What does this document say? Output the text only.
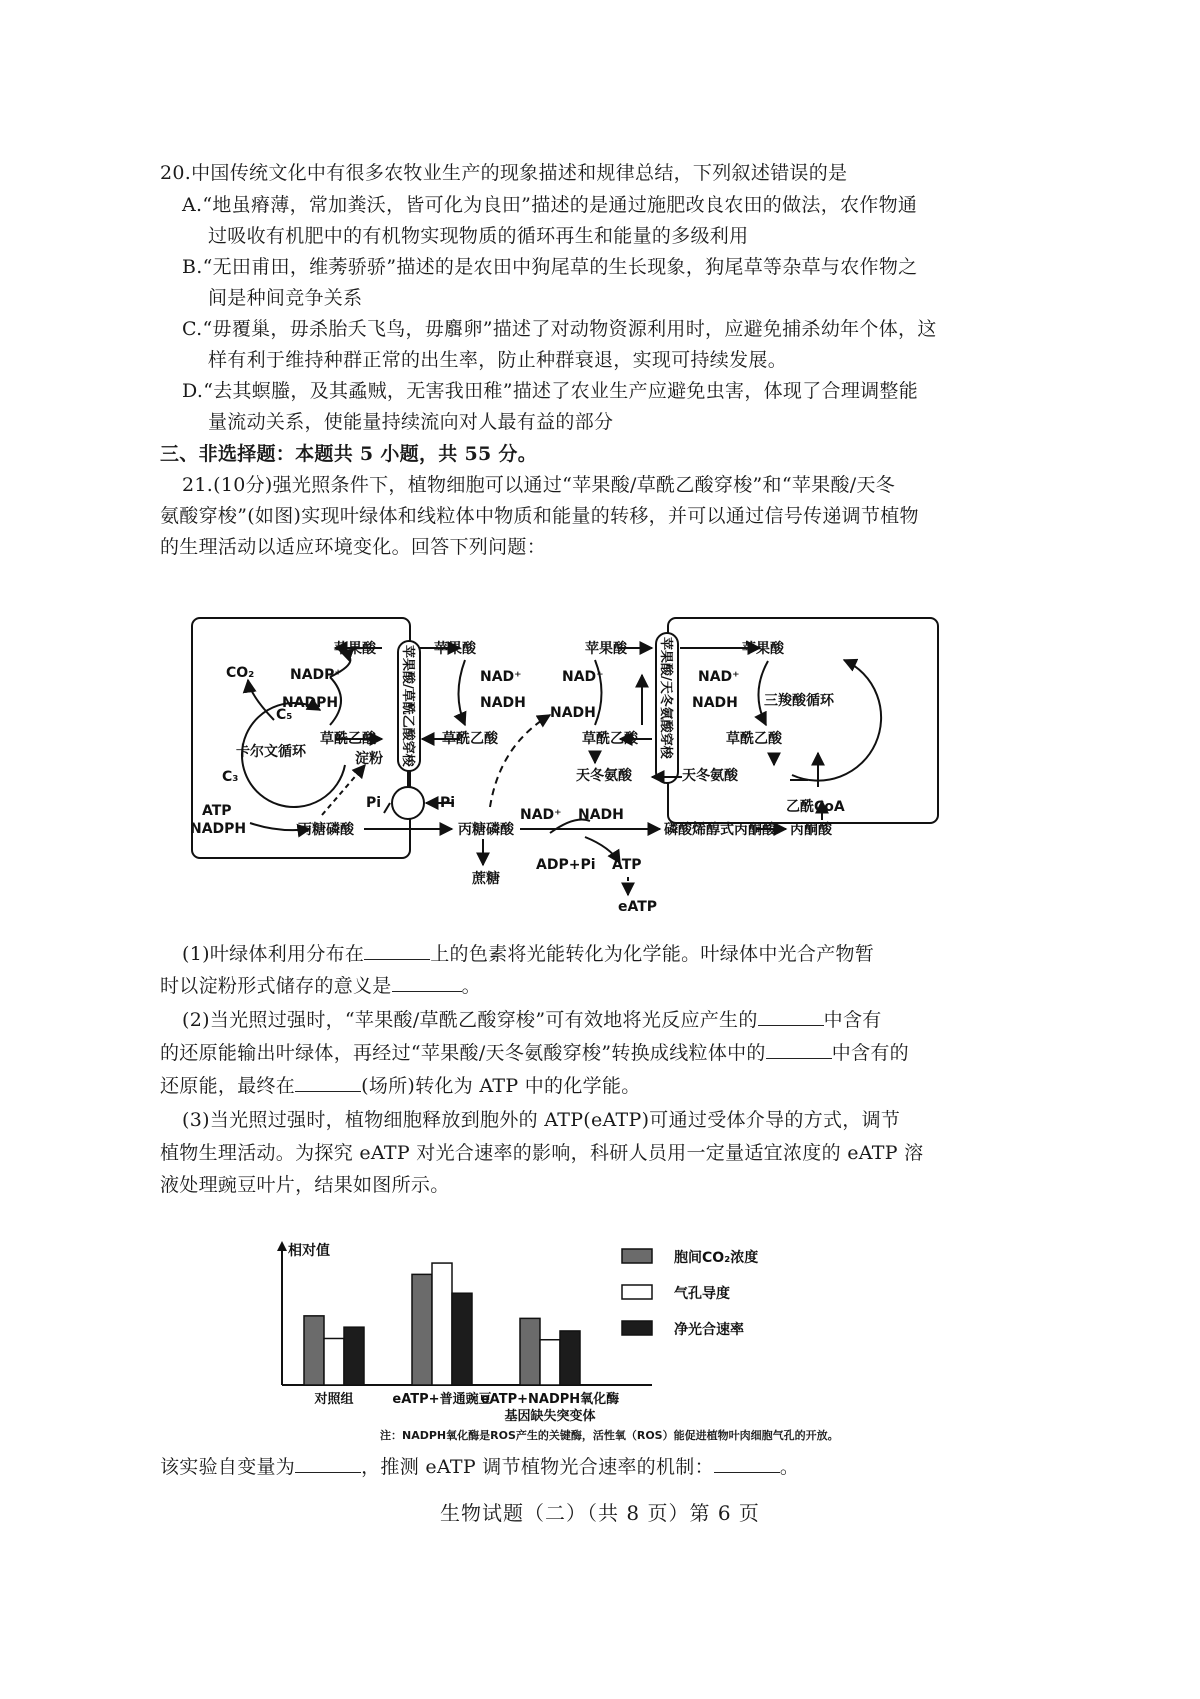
20.中国传统文化中有很多农牧业生产的现象描述和规律总结，下列叙述错误的是
A.“地虽瘠薄，常加粪沃，皆可化为良田”描述的是通过施肥改良农田的做法，农作物通
过吸收有机肥中的有机物实现物质的循环再生和能量的多级利用
B.“无田甫田，维莠骄骄”描述的是农田中狗尾草的生长现象，狗尾草等杂草与农作物之
间是种间竞争关系
C.“毋覆巢，毋杀胎夭飞鸟，毋麛卵”描述了对动物资源利用时，应避免捕杀幼年个体，这
样有利于维持种群正常的出生率，防止种群衰退，实现可持续发展。
D.“去其螟螣，及其蟊贼，无害我田稚”描述了农业生产应避免虫害，体现了合理调整能
量流动关系，使能量持续流向对人最有益的部分
三、非选择题：本题共 5 小题，共 55 分。
21.(10分)强光照条件下，植物细胞可以通过“苹果酸/草酰乙酸穿梭”和“苹果酸/天冬
氨酸穿梭”(如图)实现叶绿体和线粒体中物质和能量的转移，并可以通过信号传递调节植物
的生理活动以适应环境变化。回答下列问题：
苹果酸
NADP⁺
NADPH
草酰乙酸
CO₂
C₅
C₃
卡尔文循环
ATP
NADPH
淀粉
Pi	Pi
丙糖磷酸
苹果酸/草酰乙酸穿梭 苹果酸
NAD⁺
NADH
草酰乙酸
丙糖磷酸
蔗糖
NAD⁺ NADH
ADP+Pi ATP
eATP
磷酸烯醇式丙酮酸 丙酮酸
苹果酸
NAD⁺
NADH
草酰乙酸
天冬氨酸
苹果酸/天冬氨酸穿梭	苹果酸
NAD⁺
NADH 三羧酸循环
草酰乙酸
天冬氨酸
乙酰CoA
(1)叶绿体利用分布在	上的色素将光能转化为化学能。叶绿体中光合产物暂
时以淀粉形式储存的意义是	。
(2)当光照过强时，“苹果酸/草酰乙酸穿梭”可有效地将光反应产生的	中含有
的还原能输出叶绿体，再经过“苹果酸/天冬氨酸穿梭”转换成线粒体中的	中含有的
还原能，最终在	(场所)转化为 ATP 中的化学能。
(3)当光照过强时，植物细胞释放到胞外的 ATP(eATP)可通过受体介导的方式，调节
植物生理活动。为探究 eATP 对光合速率的影响，科研人员用一定量适宜浓度的 eATP 溶
液处理豌豆叶片，结果如图所示。
相对值
对照组	eATP+普通豌豆
eATP+NADPH氧化酶
基因缺失突变体
胞间CO₂浓度
气孔导度
净光合速率
注：NADPH氧化酶是ROS产生的关键酶，活性氧（ROS）能促进植物叶肉细胞气孔的开放。
该实验自变量为	，推测 eATP 调节植物光合速率的机制：	。
生物试题（二）（共 8 页）第 6 页
